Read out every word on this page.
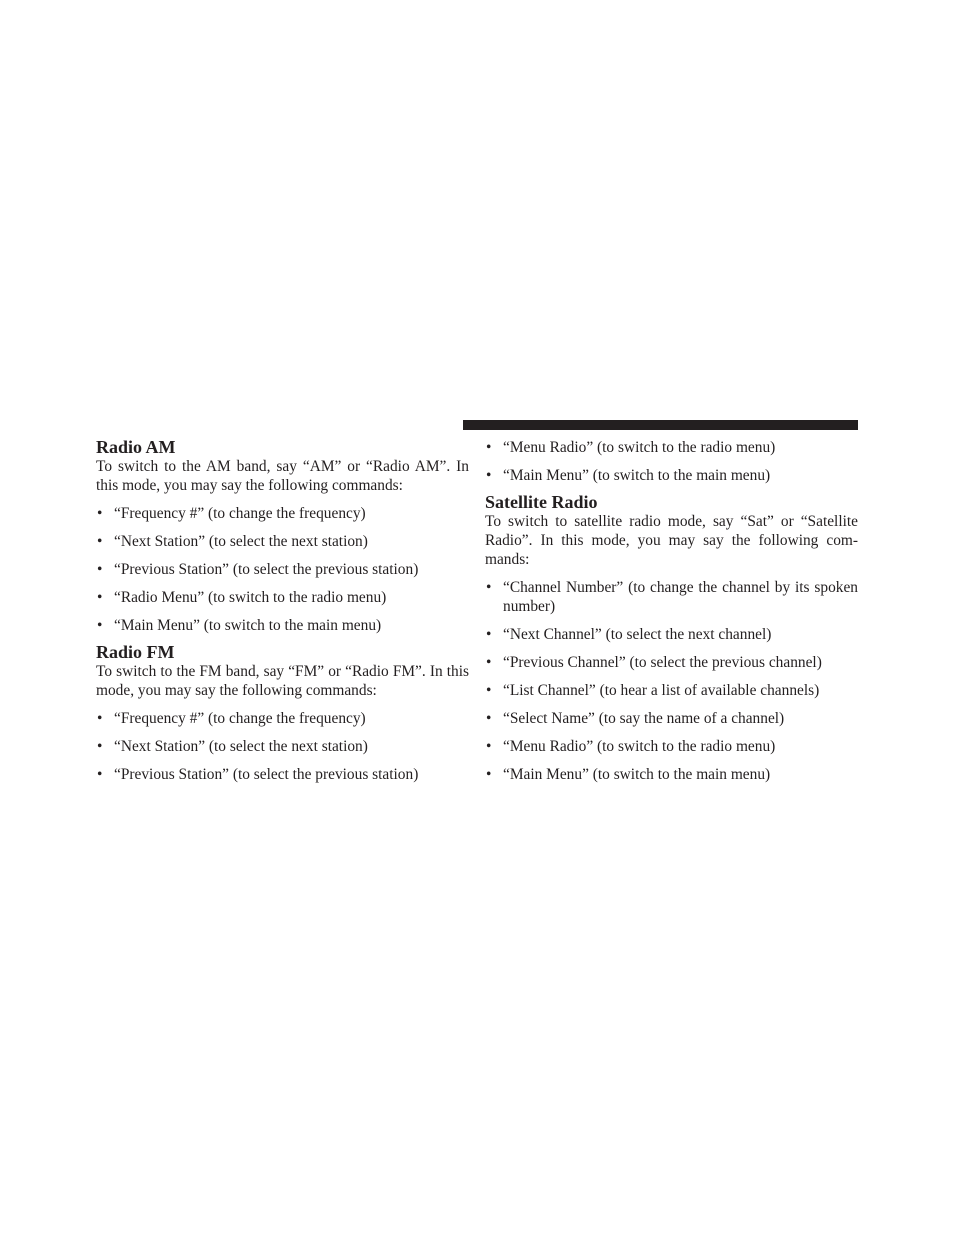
Radio AM

To switch to the AM band, say “AM” or “Radio AM”. In this mode, you may say the following commands:

• “Frequency #” (to change the frequency)
• “Next Station” (to select the next station)
• “Previous Station” (to select the previous station)
• “Radio Menu” (to switch to the radio menu)
• “Main Menu” (to switch to the main menu)
Radio FM

To switch to the FM band, say “FM” or “Radio FM”. In this mode, you may say the following commands:

• “Frequency #” (to change the frequency)
• “Next Station” (to select the next station)
• “Previous Station” (to select the previous station)
• “Menu Radio” (to switch to the radio menu)
• “Main Menu” (to switch to the main menu)
Satellite Radio

To switch to satellite radio mode, say “Sat” or “Satellite Radio”. In this mode, you may say the following com-mands:

• “Channel Number” (to change the channel by its spoken number)
• “Next Channel” (to select the next channel)
• “Previous Channel” (to select the previous channel)
• “List Channel” (to hear a list of available channels)
• “Select Name” (to say the name of a channel)
• “Menu Radio” (to switch to the radio menu)
• “Main Menu” (to switch to the main menu)
